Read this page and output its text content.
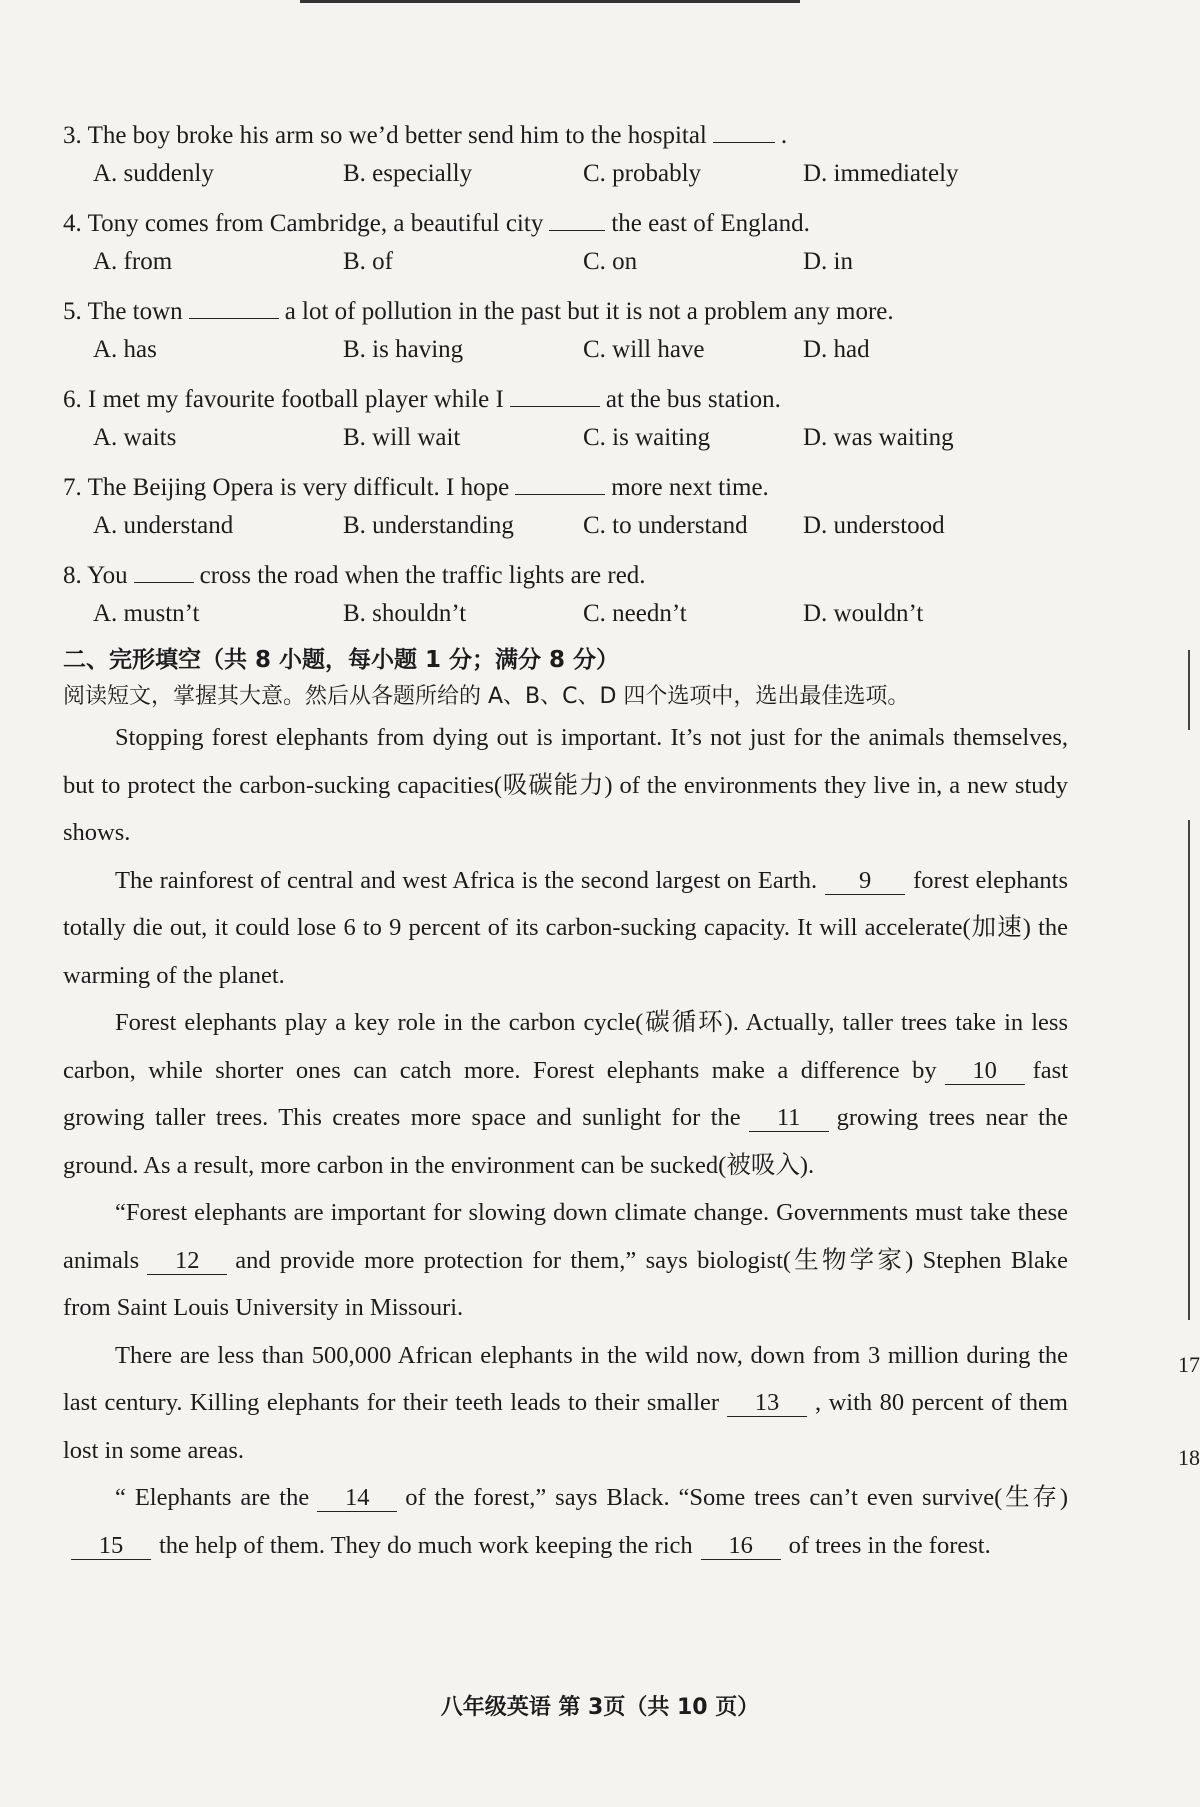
17
18
3. The boy broke his arm so we’d better send him to the hospital	.
A. suddenly	B. especially	C. probably	D. immediately
4. Tony comes from Cambridge, a beautiful city	the east of England.
A. from	B. of	C. on	D. in
5. The town	a lot of pollution in the past but it is not a problem any more.
A. has	B. is having	C. will have	D. had
6. I met my favourite football player while I	at the bus station.
A. waits	B. will wait	C. is waiting	D. was waiting
7. The Beijing Opera is very difficult. I hope	more next time.
A. understand	B. understanding	C. to understand	D. understood
8. You	cross the road when the traffic lights are red.
A. mustn’t	B. shouldn’t	C. needn’t	D. wouldn’t
二、完形填空（共 8 小题，每小题 1 分；满分 8 分）
阅读短文，掌握其大意。然后从各题所给的 A、B、C、D 四个选项中，选出最佳选项。

Stopping forest elephants from dying out is important. It’s not just for the animals themselves, but to protect the carbon-sucking capacities(吸碳能力) of the environments they live in, a new study shows.

The rainforest of central and west Africa is the second largest on Earth. 9 forest elephants totally die out, it could lose 6 to 9 percent of its carbon-sucking capacity. It will accelerate(加速) the warming of the planet.

Forest elephants play a key role in the carbon cycle(碳循环). Actually, taller trees take in less carbon, while shorter ones can catch more. Forest elephants make a difference by 10 fast growing taller trees. This creates more space and sunlight for the 11 growing trees near the ground. As a result, more carbon in the environment can be sucked(被吸入).

“Forest elephants are important for slowing down climate change. Governments must take these animals 12 and provide more protection for them,” says biologist(生物学家) Stephen Blake from Saint Louis University in Missouri.

There are less than 500,000 African elephants in the wild now, down from 3 million during the last century. Killing elephants for their teeth leads to their smaller 13 , with 80 percent of them lost in some areas.

“ Elephants are the 14 of the forest,” says Black. “Some trees can’t even survive(生存)15 the help of them. They do much work keeping the rich 16 of trees in the forest.

八年级英语 第 3页（共 10 页）
